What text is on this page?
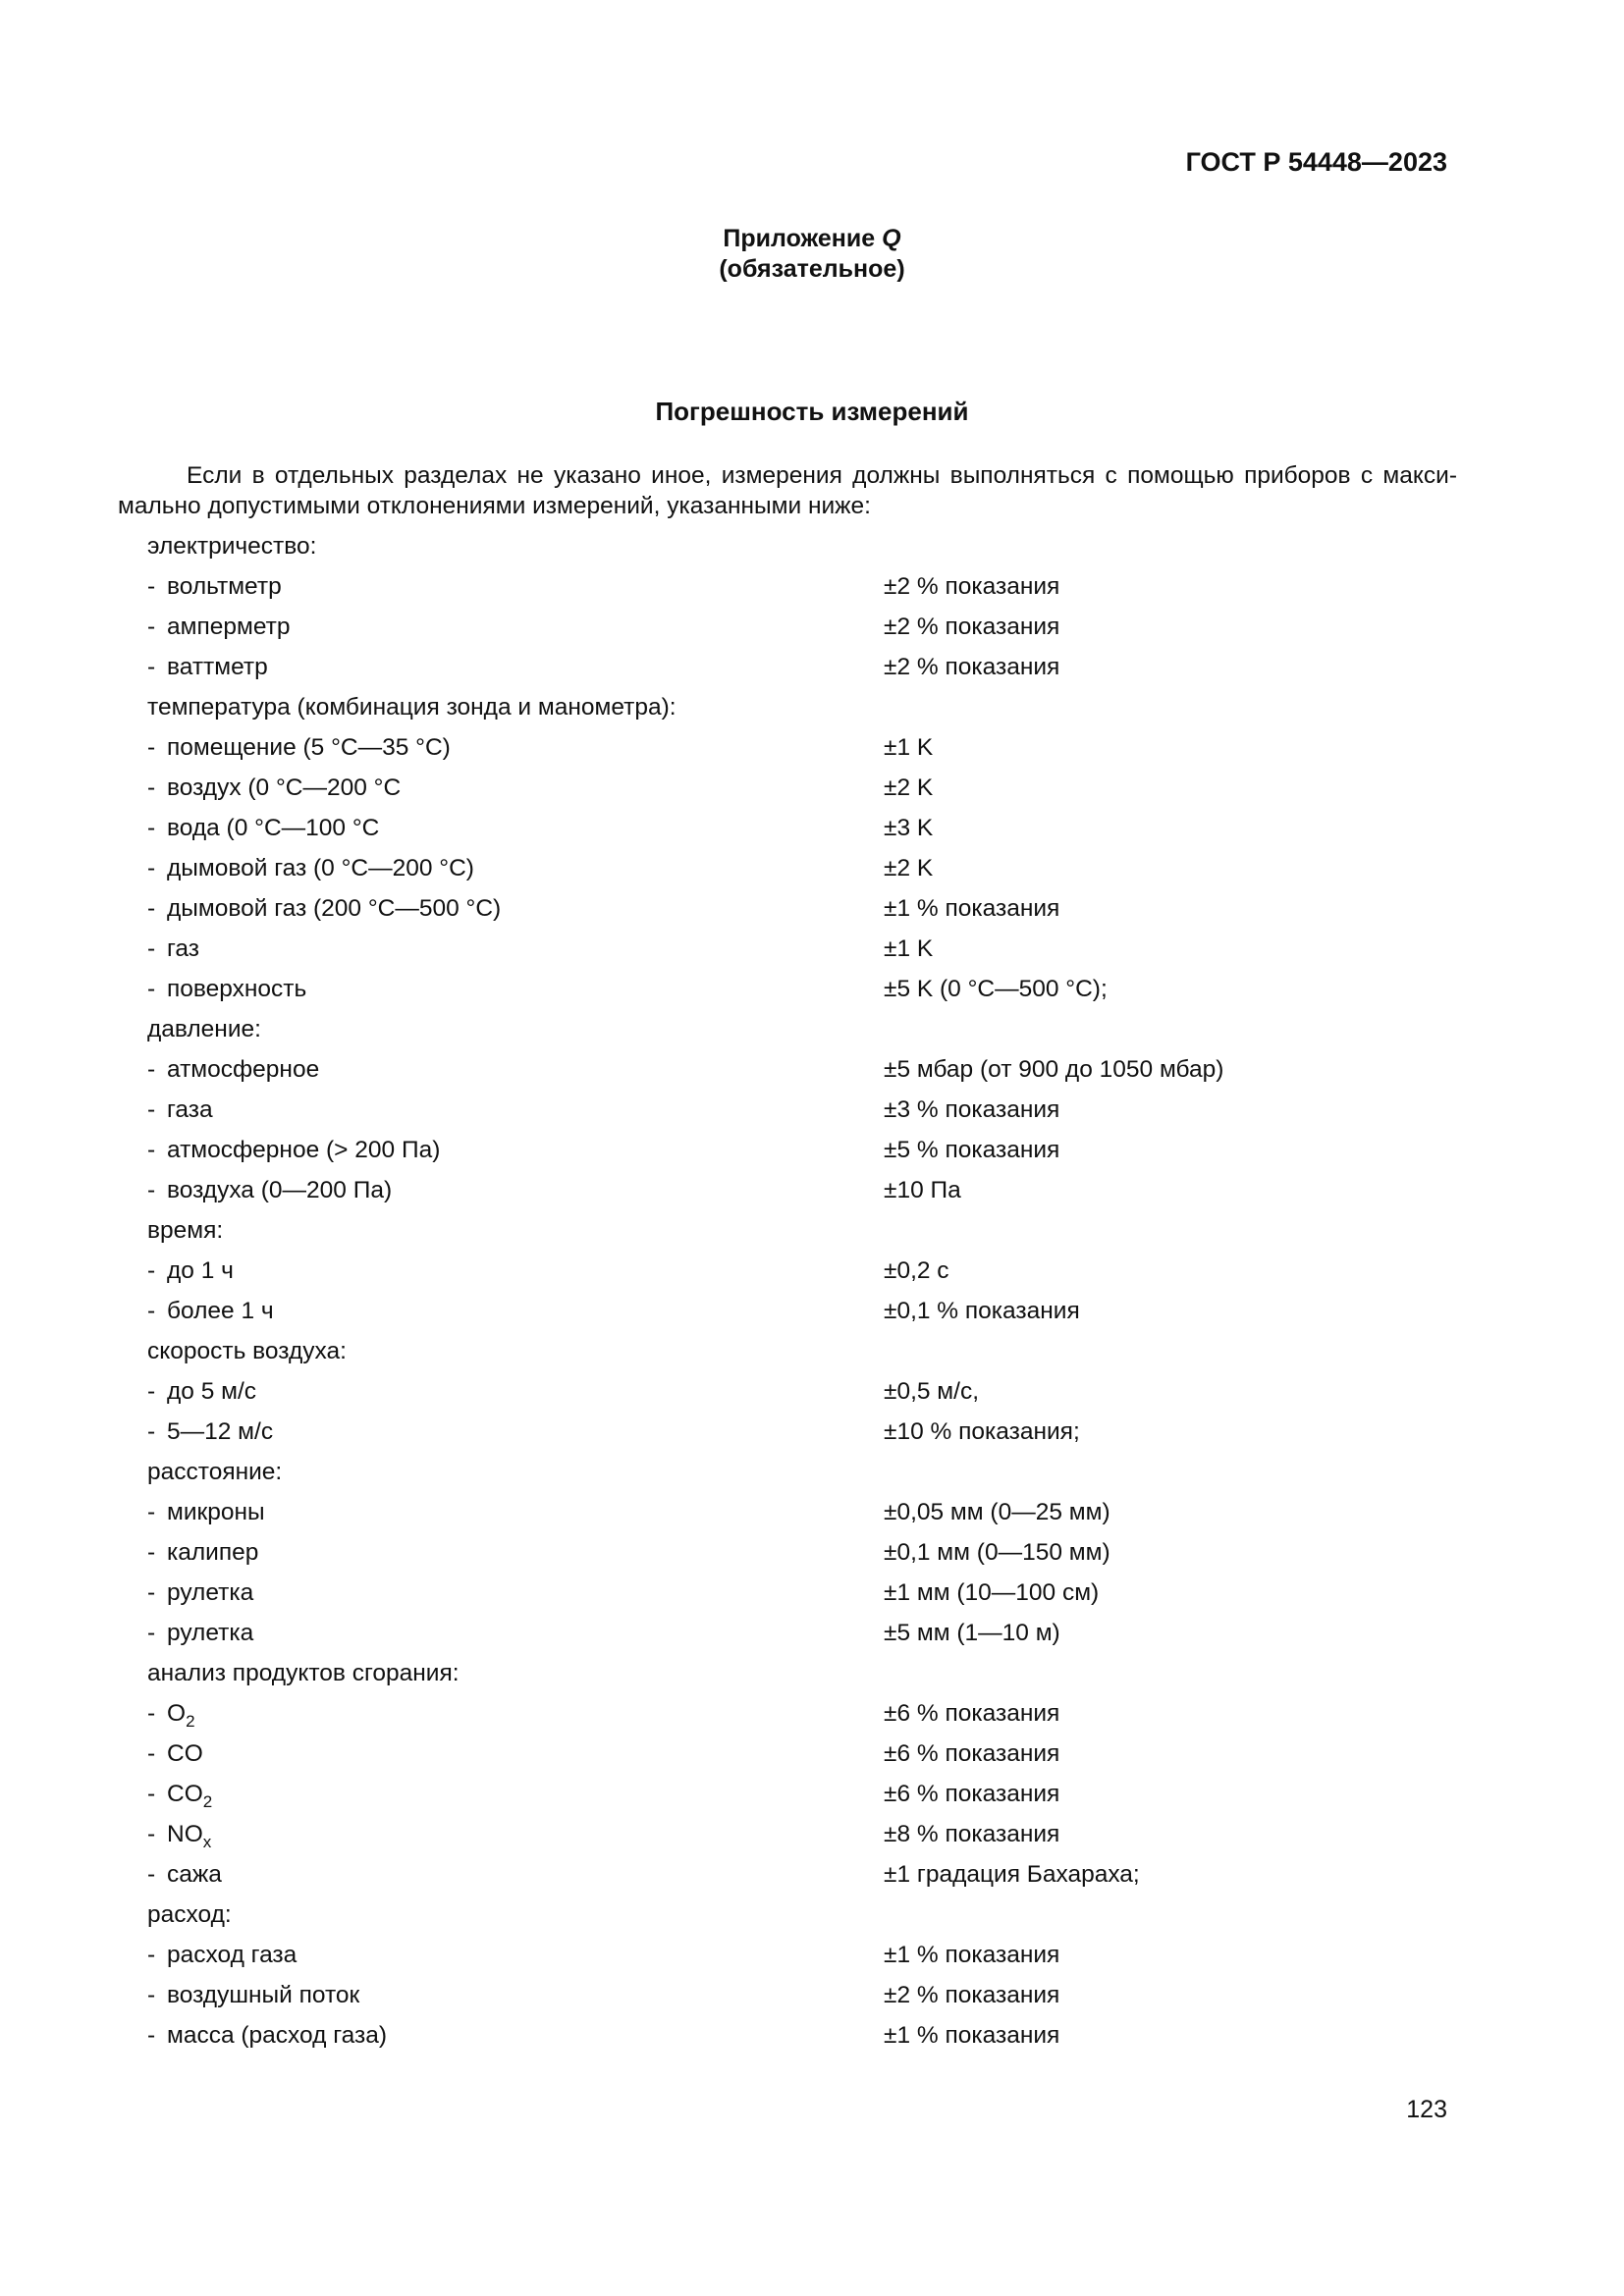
ГОСТ Р 54448—2023
Приложение Q
(обязательное)
Погрешность измерений
Если в отдельных разделах не указано иное, измерения должны выполняться с помощью приборов с макси-мально допустимыми отклонениями измерений, указанными ниже:
электричество:
- вольтметр	±2 % показания
- амперметр	±2 % показания
- ваттметр	±2 % показания
температура (комбинация зонда и манометра):
- помещение (5 °С—35 °С)	±1 K
- воздух (0 °С—200 °С	±2 K
- вода (0 °С—100 °С	±3 K
- дымовой газ (0 °С—200 °С)	±2 K
- дымовой газ (200 °С—500 °С)	±1 % показания
- газ	±1 K
- поверхность	±5 K (0 °С—500 °С);
давление:
- атмосферное	±5 мбар (от 900 до 1050 мбар)
- газа	±3 % показания
- атмосферное (> 200 Па)	±5 % показания
- воздуха (0—200 Па)	±10 Па
время:
- до 1 ч	±0,2 с
- более 1 ч	±0,1 % показания
скорость воздуха:
- до 5 м/с	±0,5 м/с,
- 5—12 м/с	±10 % показания;
расстояние:
- микроны	±0,05 мм (0—25 мм)
- калипер	±0,1 мм (0—150 мм)
- рулетка	±1 мм (10—100 см)
- рулетка	±5 мм (1—10 м)
анализ продуктов сгорания:
- $O_2$	±6 % показания
- CO	±6 % показания
- $CO_2$	±6 % показания
- $NO_x$	±8 % показания
- сажа	±1 градация Бахараха;
расход:
- расход газа	±1 % показания
- воздушный поток	±2 % показания
- масса (расход газа)	±1 % показания
123
